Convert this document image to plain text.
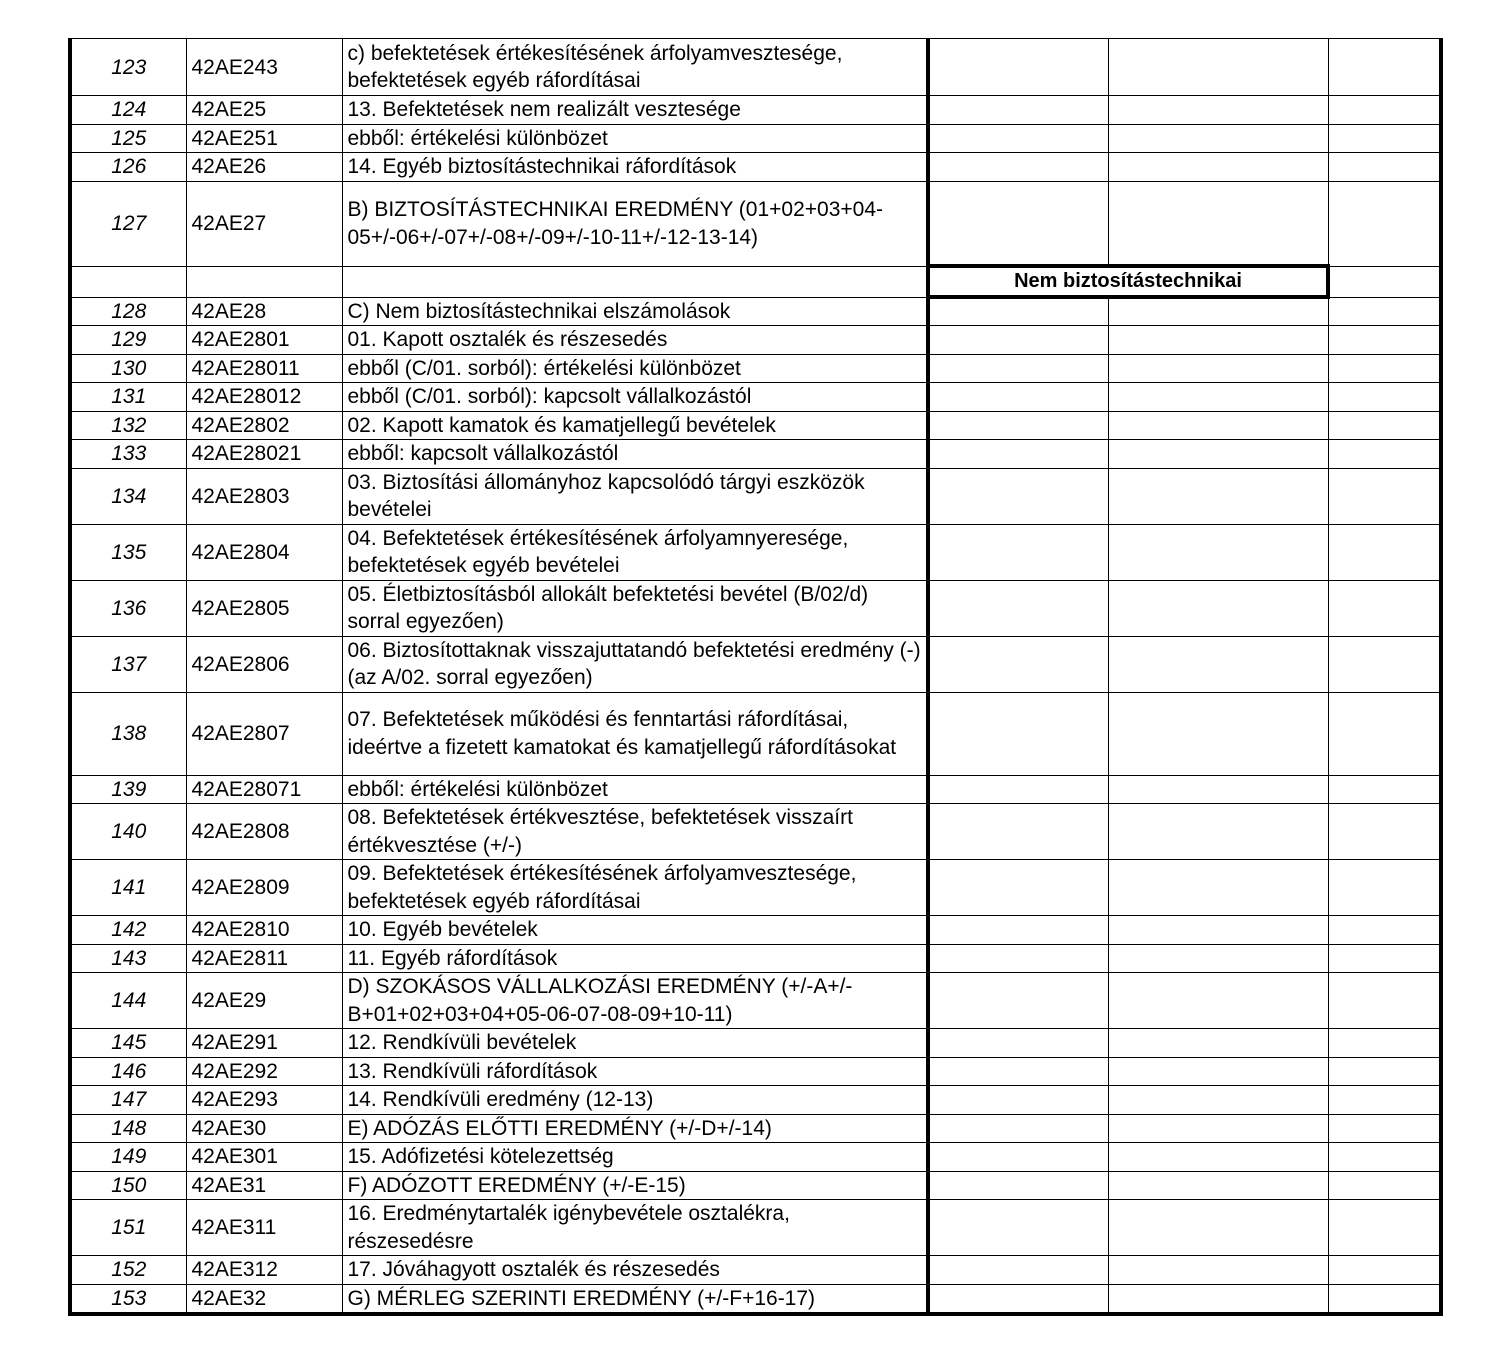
123	42AE243	c) befektetések értékesítésének árfolyamvesztesége, befektetések egyéb ráfordításai			
124	42AE25	13. Befektetések nem realizált vesztesége			
125	42AE251	ebből: értékelési különbözet			
126	42AE26	14. Egyéb biztosítástechnikai ráfordítások			
127	42AE27	B) BIZTOSÍTÁSTECHNIKAI EREDMÉNY (01+02+03+04-05+/-06+/-07+/-08+/-09+/-10-11+/-12-13-14)			
			Nem biztosítástechnikai		
128	42AE28	C) Nem biztosítástechnikai elszámolások			
129	42AE2801	01. Kapott osztalék és részesedés			
130	42AE28011	ebből (C/01. sorból): értékelési különbözet			
131	42AE28012	ebből (C/01. sorból): kapcsolt vállalkozástól			
132	42AE2802	02. Kapott kamatok és kamatjellegű bevételek			
133	42AE28021	ebből: kapcsolt vállalkozástól			
134	42AE2803	03. Biztosítási állományhoz kapcsolódó tárgyi eszközök bevételei			
135	42AE2804	04. Befektetések értékesítésének árfolyamnyeresége, befektetések egyéb bevételei			
136	42AE2805	05. Életbiztosításból allokált befektetési bevétel (B/02/d) sorral egyezően)			
137	42AE2806	06. Biztosítottaknak visszajuttatandó befektetési eredmény (-) (az A/02. sorral egyezően)			
138	42AE2807	07. Befektetések működési és fenntartási ráfordításai, ideértve a fizetett kamatokat és kamatjellegű ráfordításokat			
139	42AE28071	ebből: értékelési különbözet			
140	42AE2808	08. Befektetések értékvesztése, befektetések visszaírt értékvesztése (+/-)			
141	42AE2809	09. Befektetések értékesítésének árfolyamvesztesége, befektetések egyéb ráfordításai			
142	42AE2810	10. Egyéb bevételek			
143	42AE2811	11. Egyéb ráfordítások			
144	42AE29	D) SZOKÁSOS VÁLLALKOZÁSI EREDMÉNY (+/-A+/-B+01+02+03+04+05-06-07-08-09+10-11)			
145	42AE291	12. Rendkívüli bevételek			
146	42AE292	13. Rendkívüli ráfordítások			
147	42AE293	14. Rendkívüli eredmény (12-13)			
148	42AE30	E) ADÓZÁS ELŐTTI EREDMÉNY (+/-D+/-14)			
149	42AE301	15. Adófizetési kötelezettség			
150	42AE31	F) ADÓZOTT EREDMÉNY (+/-E-15)			
151	42AE311	16. Eredménytartalék igénybevétele osztalékra, részesedésre			
152	42AE312	17. Jóváhagyott osztalék és részesedés			
153	42AE32	G) MÉRLEG SZERINTI EREDMÉNY (+/-F+16-17)			
